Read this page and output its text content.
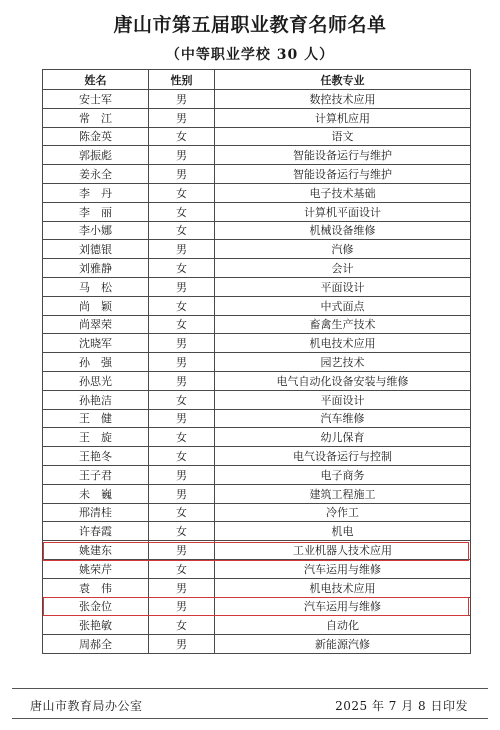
唐山市第五届职业教育名师名单
（中等职业学校 30 人）
姓名	性别	任教专业
安士军	男	数控技术应用
常　江	男	计算机应用
陈金英	女	语文
郭振彪	男	智能设备运行与维护
姜永全	男	智能设备运行与维护
李　丹	女	电子技术基础
李　丽	女	计算机平面设计
李小娜	女	机械设备维修
刘德银	男	汽修
刘雅静	女	会计
马　松	男	平面设计
尚　颖	女	中式面点
尚翠荣	女	畜禽生产技术
沈晓军	男	机电技术应用
孙　强	男	园艺技术
孙思光	男	电气自动化设备安装与维修
孙艳洁	女	平面设计
王　健	男	汽车维修
王　旋	女	幼儿保育
王艳冬	女	电气设备运行与控制
王子君	男	电子商务
未　巍	男	建筑工程施工
邢清桂	女	冷作工
许春霞	女	机电
姚建东	男	工业机器人技术应用
姚荣芹	女	汽车运用与维修
袁　伟	男	机电技术应用
张金位	男	汽车运用与维修
张艳敏	女	自动化
周郝全	男	新能源汽修
唐山市教育局办公室	2025 年 7 月 8 日印发
